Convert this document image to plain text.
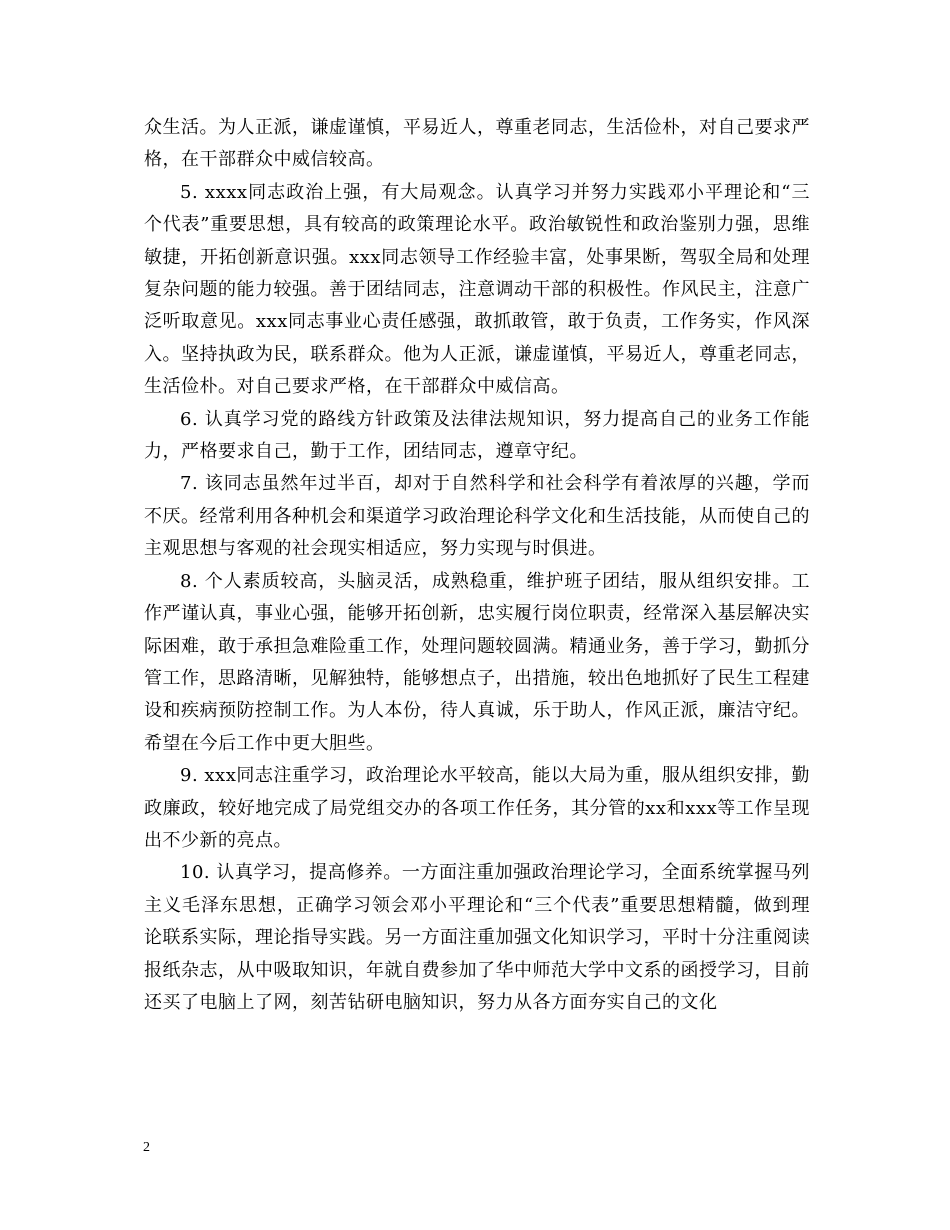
众生活。为人正派，谦虚谨慎，平易近人，尊重老同志，生活俭朴，对自己要求严格，在干部群众中威信较高。

5. xxxx同志政治上强，有大局观念。认真学习并努力实践邓小平理论和“三个代表”重要思想，具有较高的政策理论水平。政治敏锐性和政治鉴别力强，思维敏捷，开拓创新意识强。xxx同志领导工作经验丰富，处事果断，驾驭全局和处理复杂问题的能力较强。善于团结同志，注意调动干部的积极性。作风民主，注意广泛听取意见。xxx同志事业心责任感强，敢抓敢管，敢于负责，工作务实，作风深入。坚持执政为民，联系群众。他为人正派，谦虚谨慎，平易近人，尊重老同志，生活俭朴。对自己要求严格，在干部群众中威信高。

6. 认真学习党的路线方针政策及法律法规知识，努力提高自己的业务工作能力，严格要求自己，勤于工作，团结同志，遵章守纪。

7. 该同志虽然年过半百，却对于自然科学和社会科学有着浓厚的兴趣，学而不厌。经常利用各种机会和渠道学习政治理论科学文化和生活技能，从而使自己的主观思想与客观的社会现实相适应，努力实现与时俱进。

8. 个人素质较高，头脑灵活，成熟稳重，维护班子团结，服从组织安排。工作严谨认真，事业心强，能够开拓创新，忠实履行岗位职责，经常深入基层解决实际困难，敢于承担急难险重工作，处理问题较圆满。精通业务，善于学习，勤抓分管工作，思路清晰，见解独特，能够想点子，出措施，较出色地抓好了民生工程建设和疾病预防控制工作。为人本份，待人真诚，乐于助人，作风正派，廉洁守纪。希望在今后工作中更大胆些。

9. xxx同志注重学习，政治理论水平较高，能以大局为重，服从组织安排，勤政廉政，较好地完成了局党组交办的各项工作任务，其分管的xx和xxx等工作呈现出不少新的亮点。

10. 认真学习，提高修养。一方面注重加强政治理论学习，全面系统掌握马列主义毛泽东思想，正确学习领会邓小平理论和“三个代表”重要思想精髓，做到理论联系实际，理论指导实践。另一方面注重加强文化知识学习，平时十分注重阅读报纸杂志，从中吸取知识，年就自费参加了华中师范大学中文系的函授学习，目前还买了电脑上了网，刻苦钻研电脑知识，努力从各方面夯实自己的文化

2
